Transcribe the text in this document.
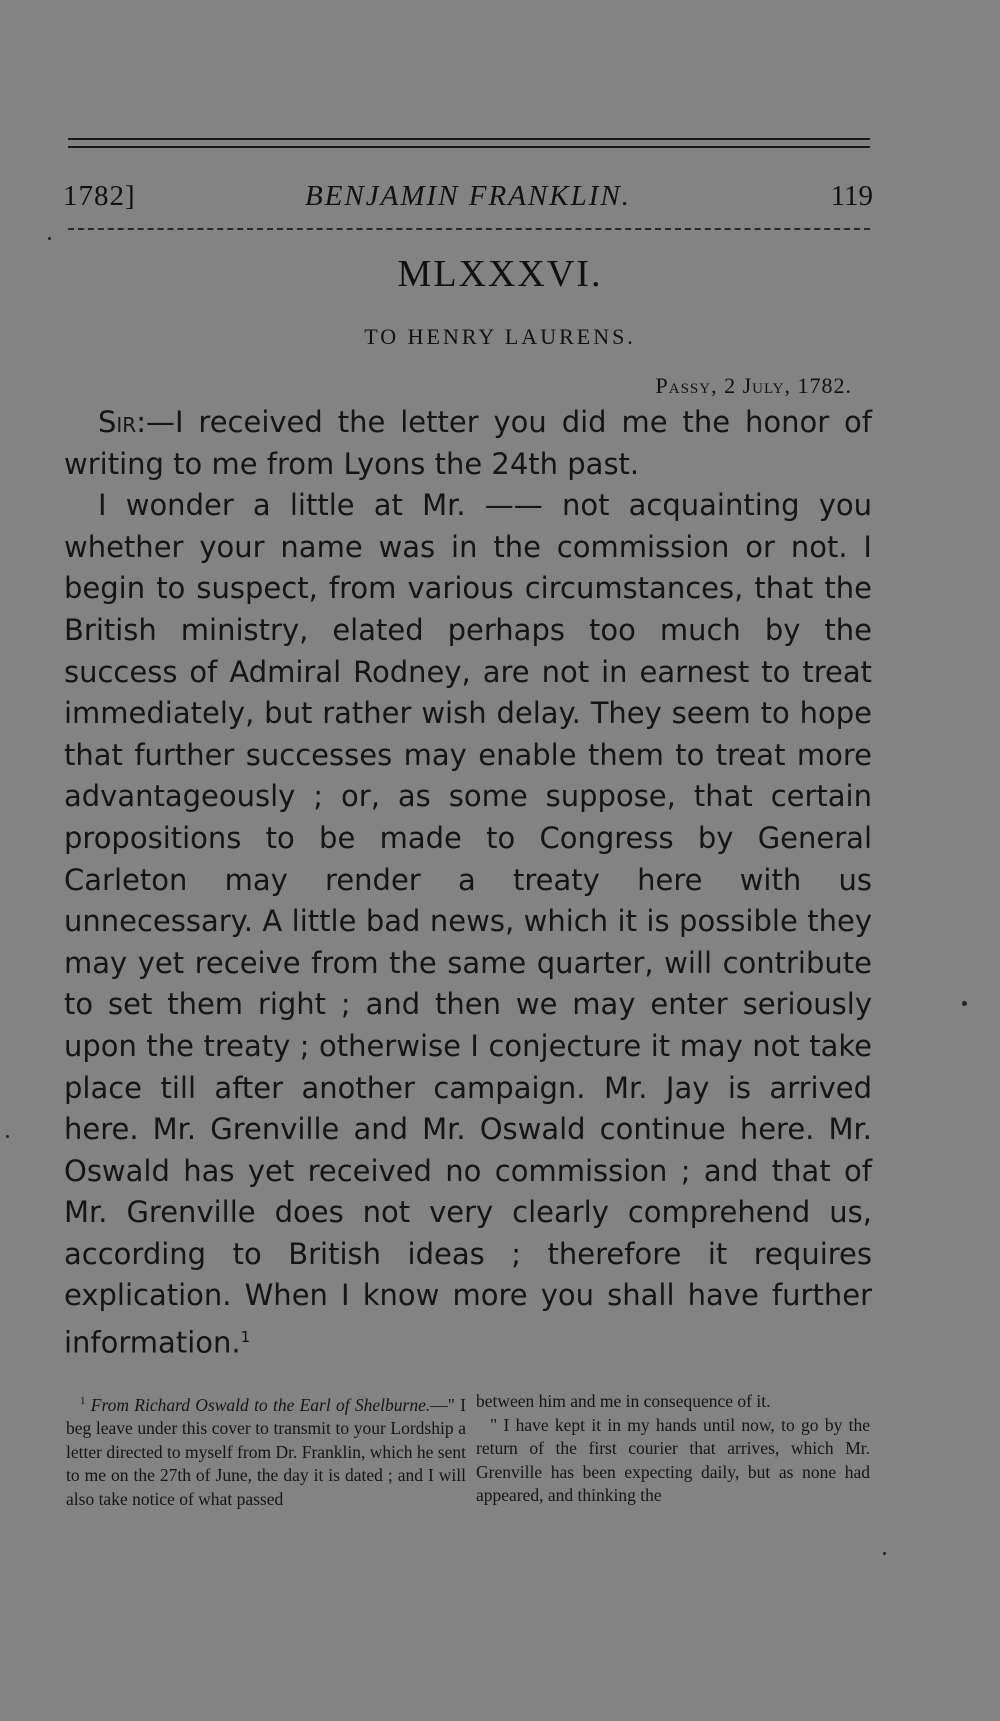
1782]	BENJAMIN FRANKLIN.	119
MLXXXVI.
TO HENRY LAURENS.
Passy, 2 July, 1782.

Sir:—I received the letter you did me the honor of writing to me from Lyons the 24th past.

I wonder a little at Mr. —— not acquainting you whether your name was in the commission or not. I begin to suspect, from various circumstances, that the British ministry, elated perhaps too much by the success of Admiral Rodney, are not in earnest to treat immediately, but rather wish delay. They seem to hope that further successes may enable them to treat more advantageously ; or, as some suppose, that certain propositions to be made to Congress by General Carleton may render a treaty here with us unnecessary. A little bad news, which it is possible they may yet receive from the same quarter, will contribute to set them right ; and then we may enter seriously upon the treaty ; otherwise I conjecture it may not take place till after another campaign. Mr. Jay is arrived here. Mr. Grenville and Mr. Oswald continue here. Mr. Oswald has yet received no commission ; and that of Mr. Grenville does not very clearly comprehend us, according to British ideas ; therefore it requires explication. When I know more you shall have further information.$^1$

$^1$ From Richard Oswald to the Earl of Shelburne.—" I beg leave under this cover to transmit to your Lordship a letter directed to myself from Dr. Franklin, which he sent to me on the 27th of June, the day it is dated ; and I will also take notice of what passed

between him and me in consequence of it.

" I have kept it in my hands until now, to go by the return of the first courier that arrives, which Mr. Grenville has been expecting daily, but as none had appeared, and thinking the
